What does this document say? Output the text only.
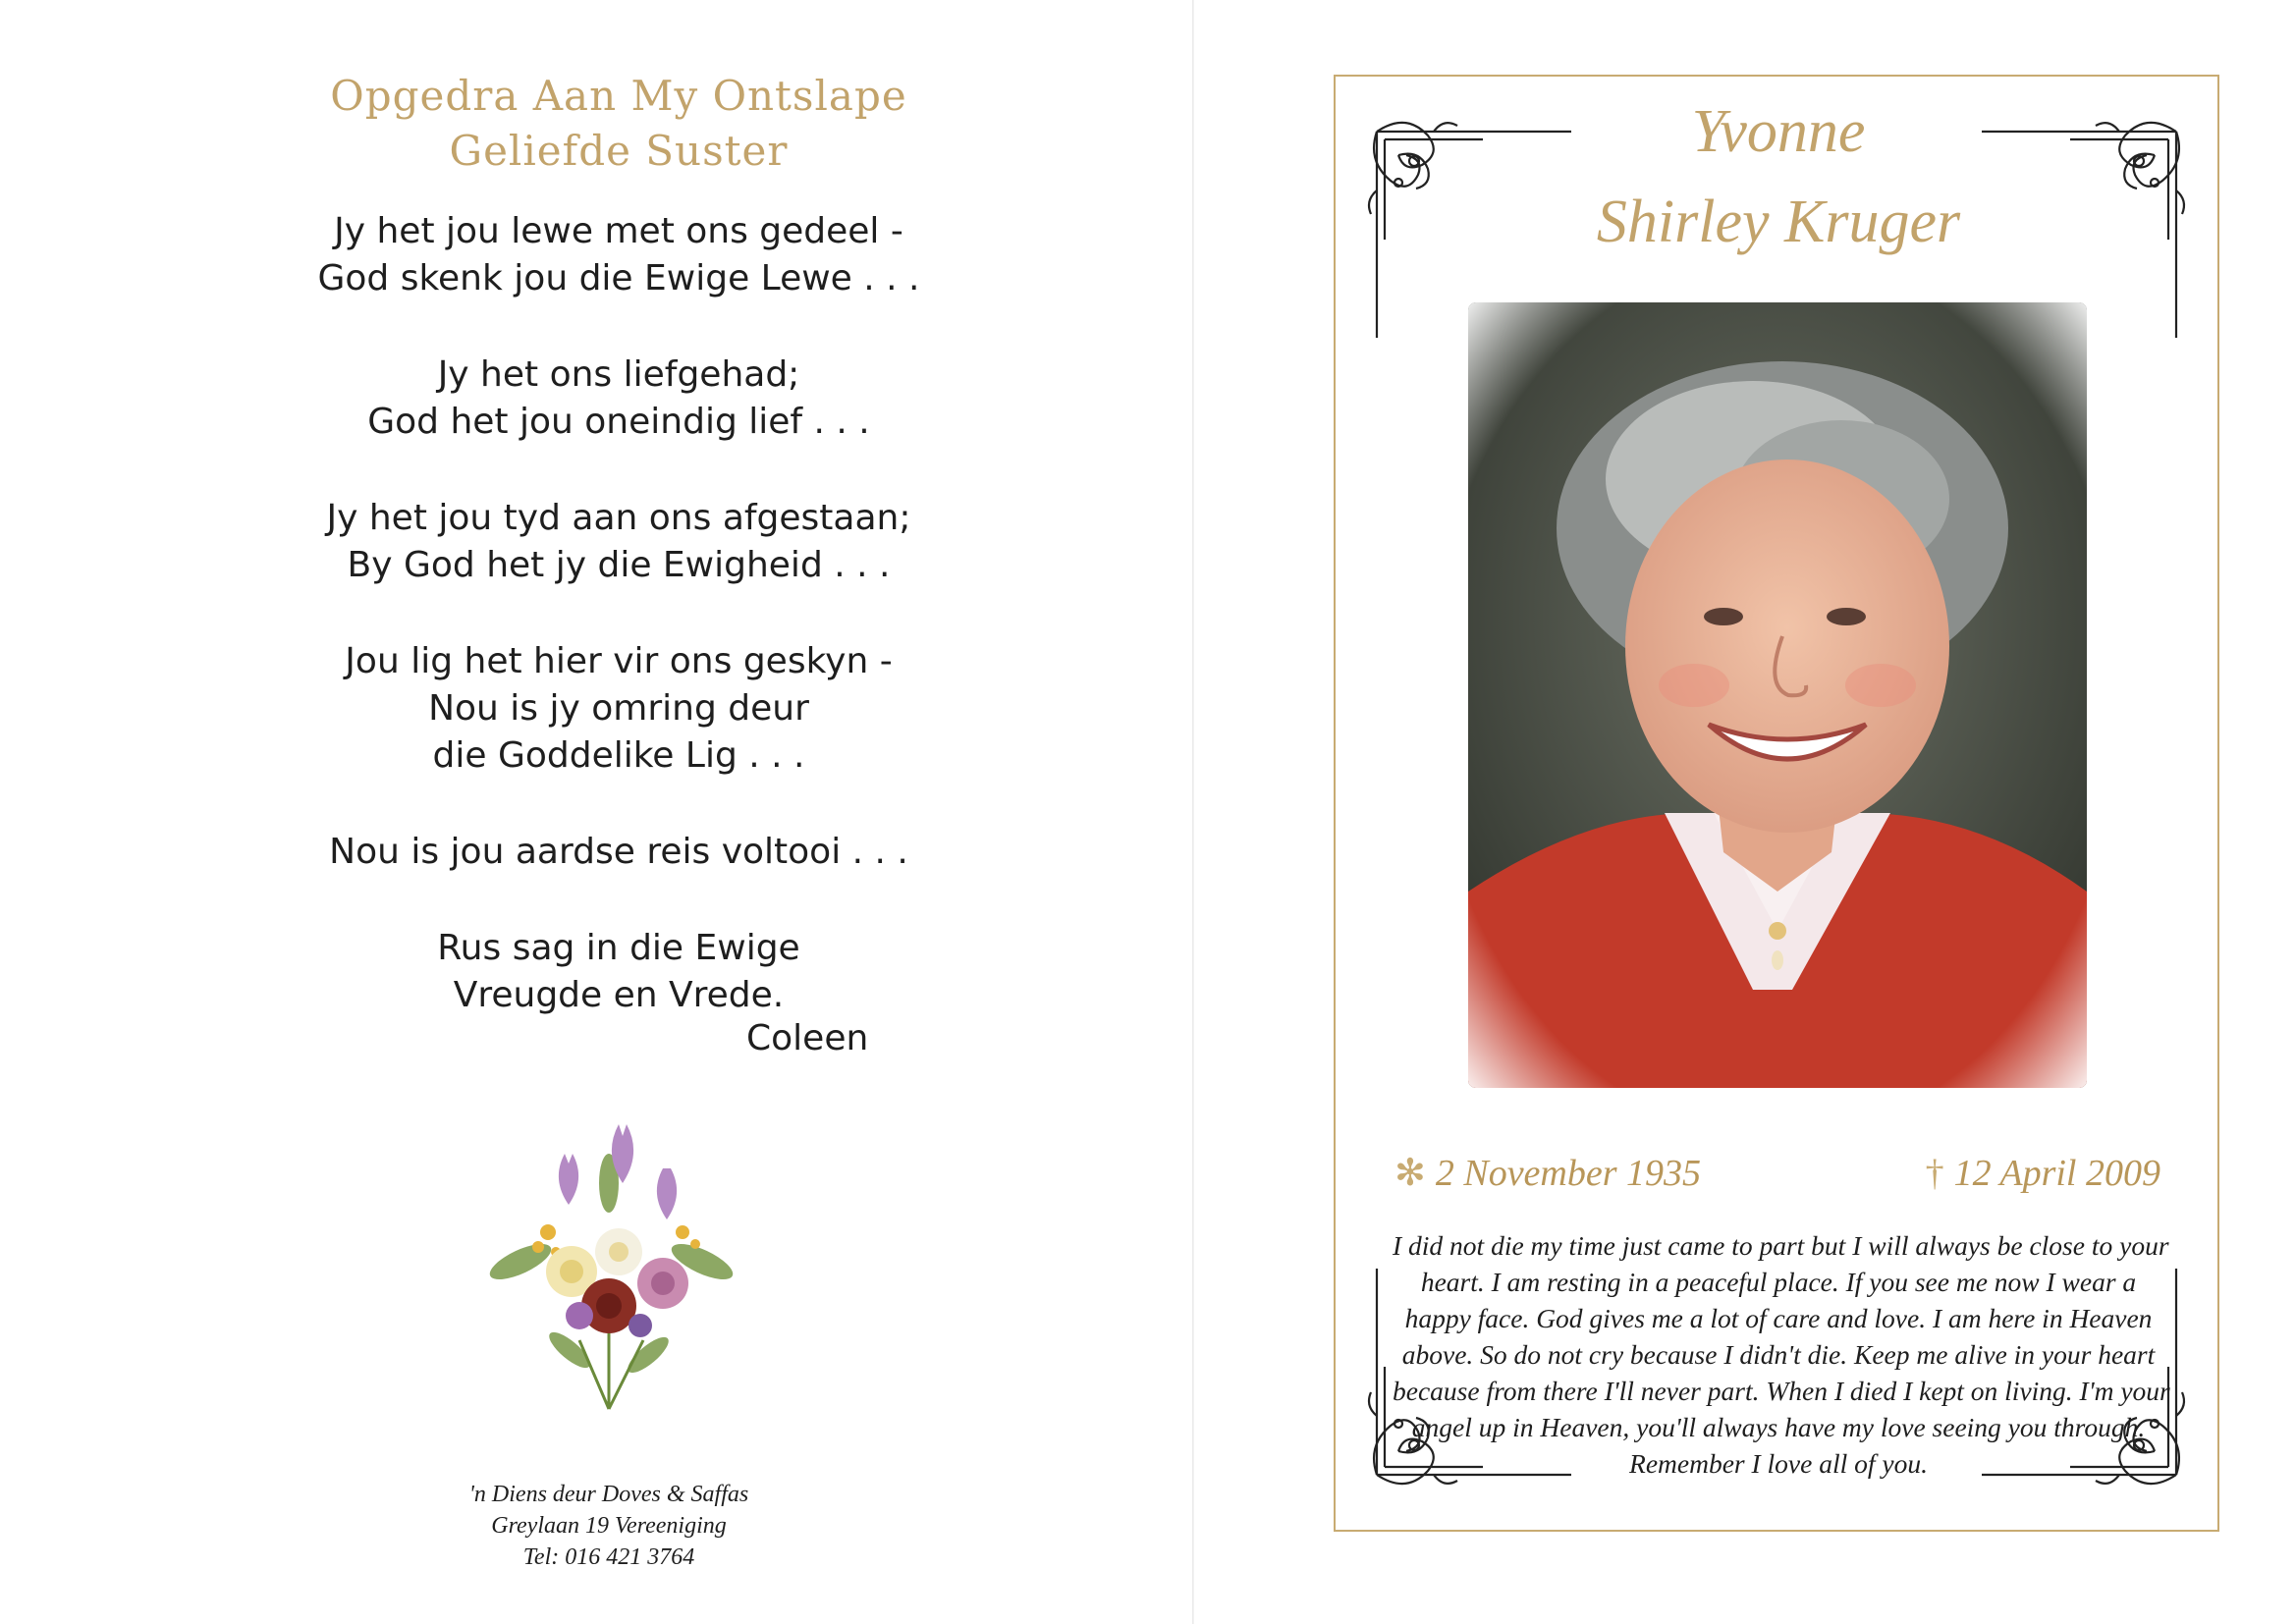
Opgedra Aan My Ontslape
Geliefde Suster
Jy het jou lewe met ons gedeel -
God skenk jou die Ewige Lewe . . .
Jy het ons liefgehad;
God het jou oneindig lief . . .
Jy het jou tyd aan ons afgestaan;
By God het jy die Ewigheid . . .
Jou lig het hier vir ons geskyn -
Nou is jy omring deur
die Goddelike Lig . . .
Nou is jou aardse reis voltooi . . .
Rus sag in die Ewige
Vreugde en Vrede.
Coleen
'n Diens deur Doves & Saffas
Greylaan 19 Vereeniging
Tel: 016 421 3764
Yvonne
Shirley Kruger
✻ 2 November 1935	† 12 April 2009
I did not die my time just came to part but I will always be close to your
heart. I am resting in a peaceful place. If you see me now I wear a
happy face. God gives me a lot of care and love. I am here in Heaven
above. So do not cry because I didn't die. Keep me alive in your heart
because from there I'll never part. When I died I kept on living. I'm your
angel up in Heaven, you'll always have my love seeing you through.
Remember I love all of you.
